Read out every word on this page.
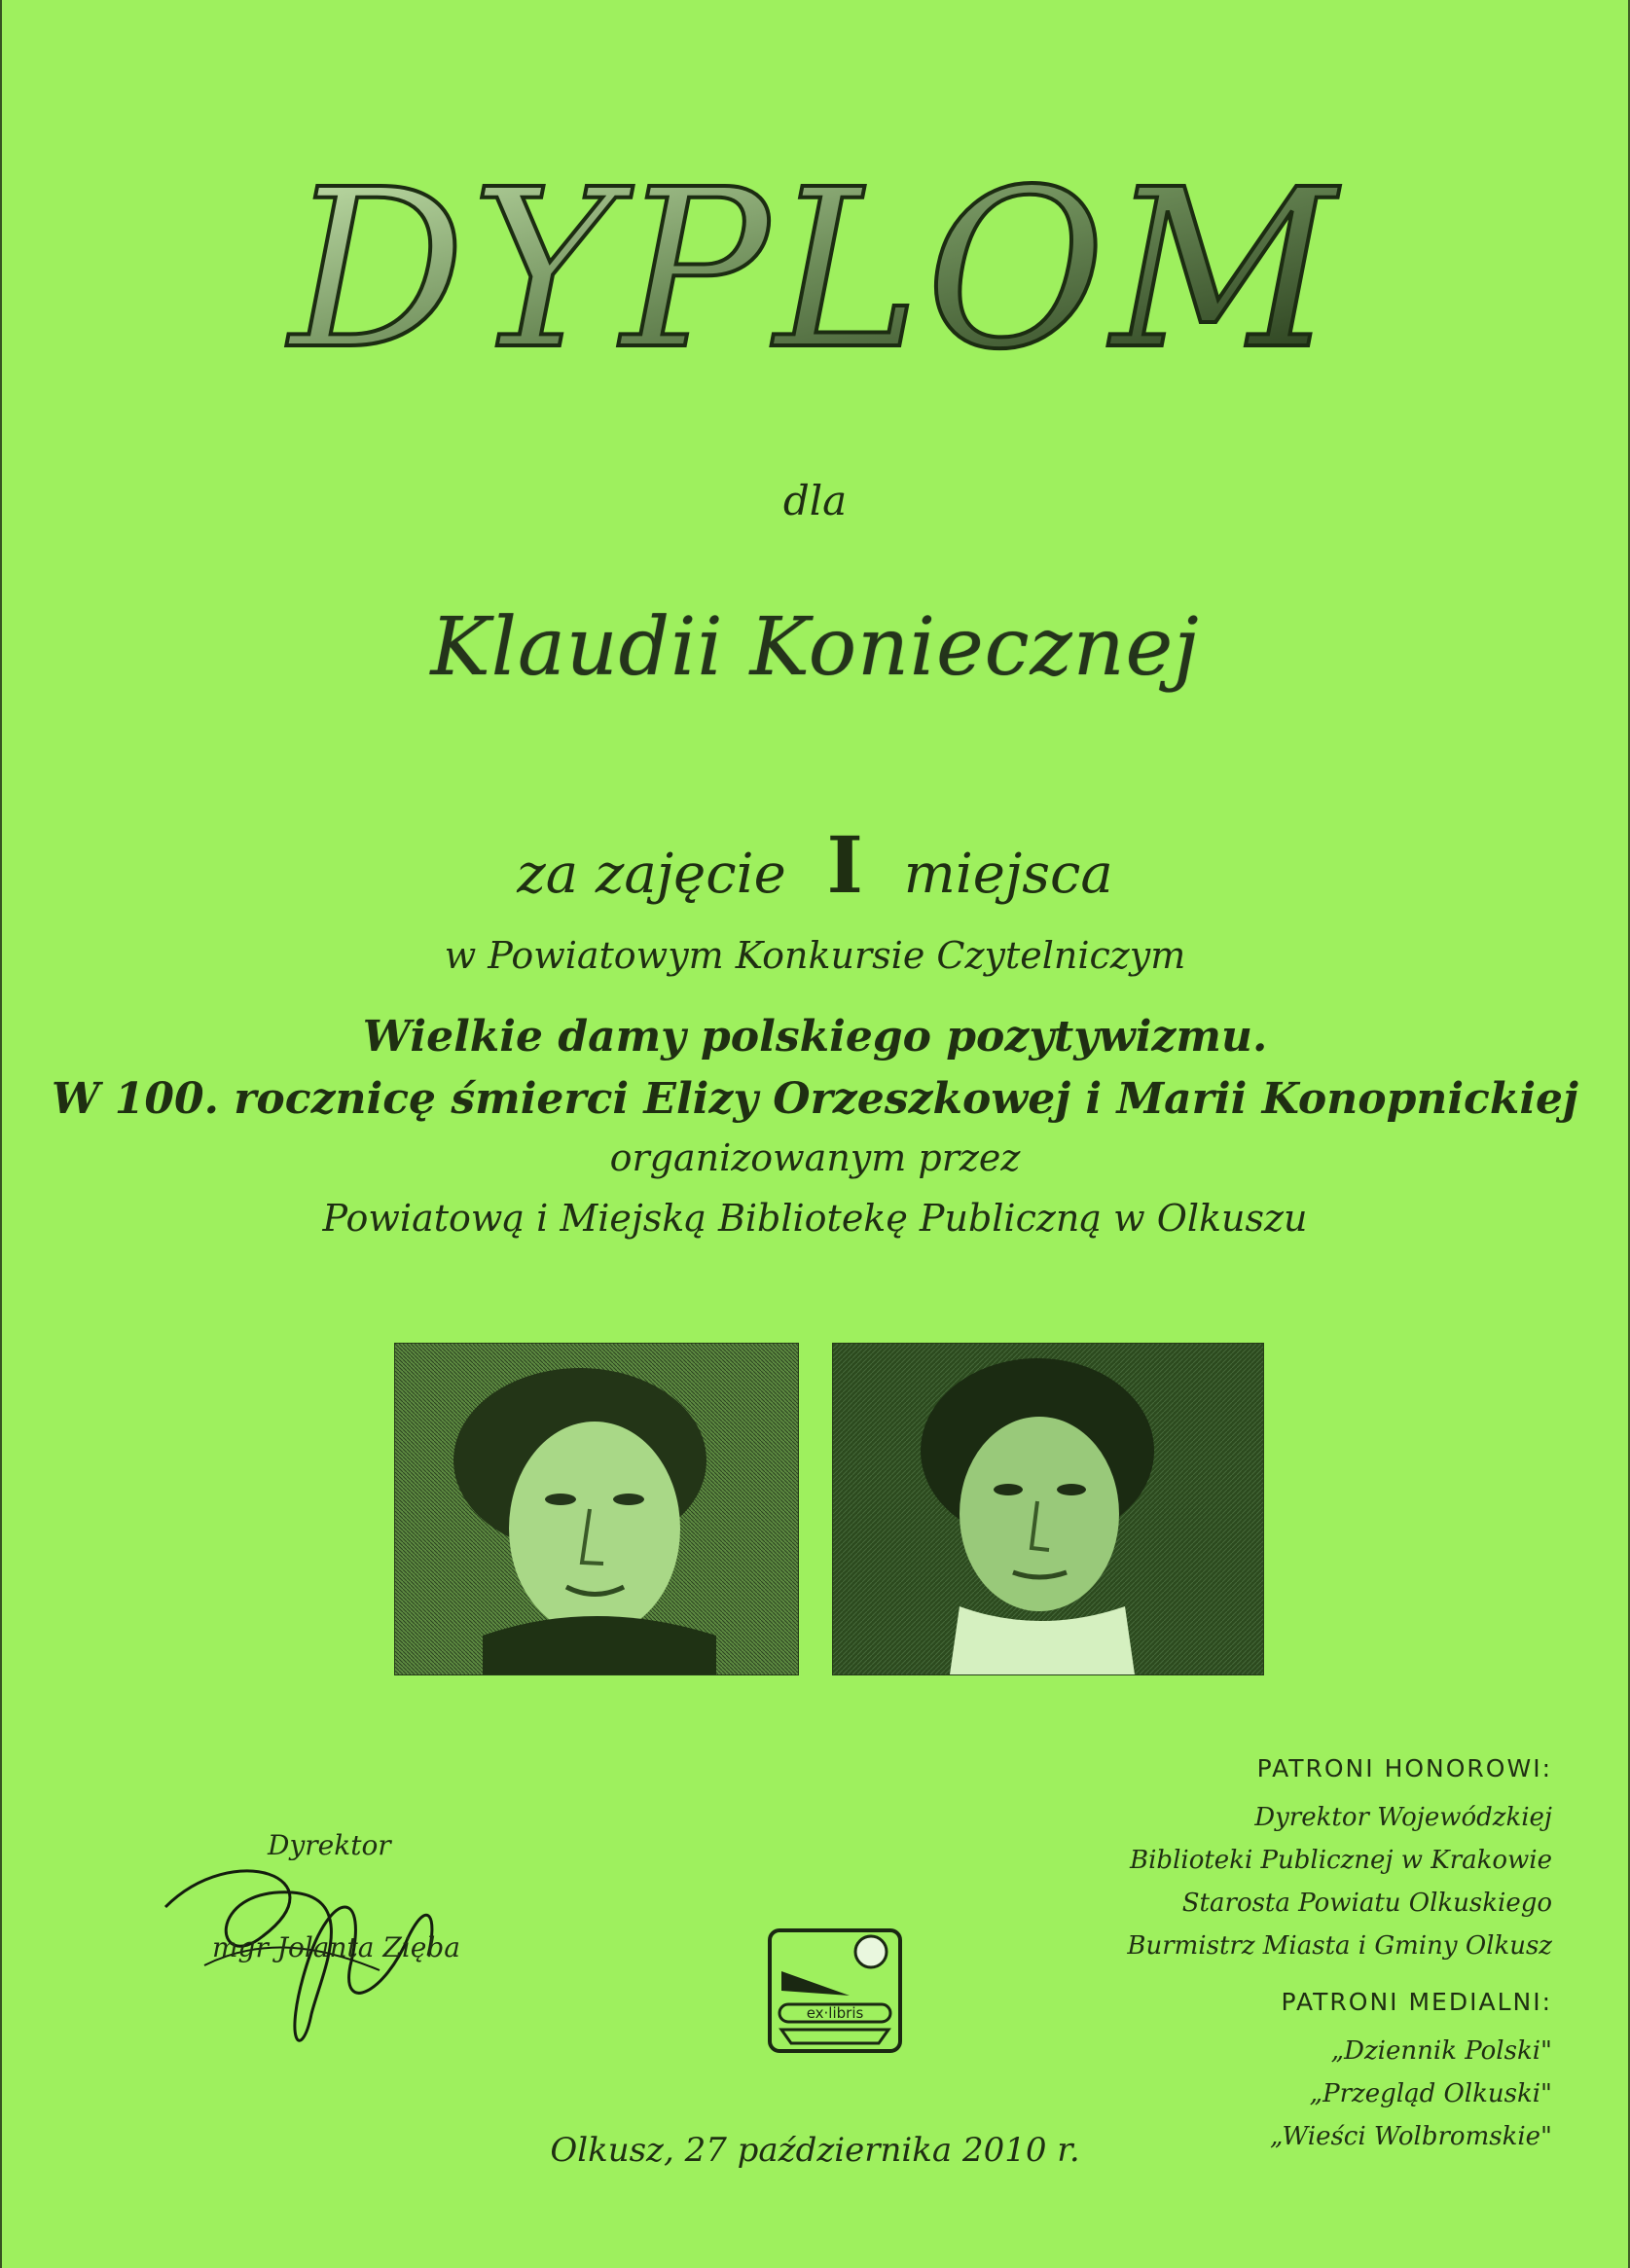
DYPLOM
dla
Klaudii Koniecznej
za zajęcie I miejsca
w Powiatowym Konkursie Czytelniczym
Wielkie damy polskiego pozytywizmu.
W 100. rocznicę śmierci Elizy Orzeszkowej i Marii Konopnickiej
organizowanym przez
Powiatową i Miejską Bibliotekę Publiczną w Olkuszu
Dyrektor
mgr Jolanta Zięba
ex·libris
PATRONI HONOROWI:
Dyrektor Wojewódzkiej
Biblioteki Publicznej w Krakowie
Starosta Powiatu Olkuskiego
Burmistrz Miasta i Gminy Olkusz
PATRONI MEDIALNI:
„Dziennik Polski"
„Przegląd Olkuski"
„Wieści Wolbromskie"
Olkusz, 27 października 2010 r.
